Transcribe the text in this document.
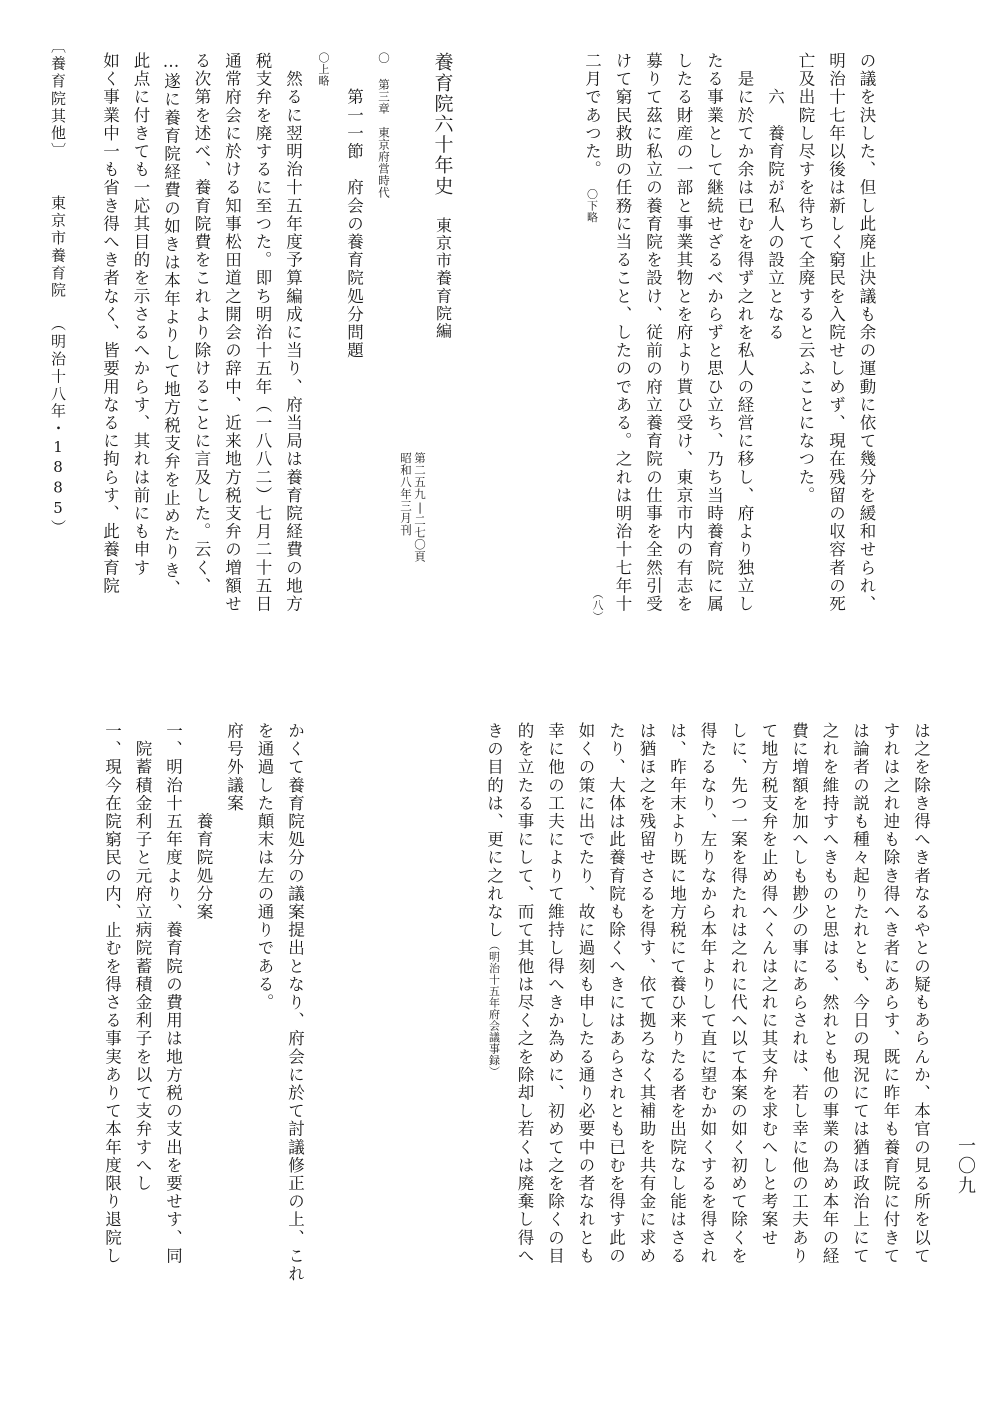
の議を決した、但し此廃止決議も余の運動に依て幾分を緩和せられ、
明治十七年以後は新しく窮民を入院せしめず、現在残留の収容者の死
亡及出院し尽すを待ちて全廃すると云ふことになつた。
　　六　養育院が私人の設立となる
　是に於てか余は已むを得ず之れを私人の経営に移し、府より独立し
たる事業として継続せざるべからずと思ひ立ち、乃ち当時養育院に属
したる財産の一部と事業其物とを府より貰ひ受け、東京市内の有志を
募りて茲に私立の養育院を設け、従前の府立養育院の仕事を全然引受
けて窮民救助の任務に当ること、したのである。之れは明治十七年十
二月であつた。　〇下略
（八）
養育院六十年史　東京市養育院編
第二五九|二七〇頁
昭和八年三月刊
〇 第三章　東京府営時代
　　第一一節　府会の養育院処分問題
〇上略
　然るに翌明治十五年度予算編成に当り、府当局は養育院経費の地方
税支弁を廃するに至つた。即ち明治十五年（一八八二）七月二十五日
通常府会に於ける知事松田道之開会の辞中、近来地方税支弁の増額せ
る次第を述べ、養育院費をこれより除けることに言及した。云く、
…遂に養育院経費の如きは本年よりして地方税支弁を止めたりき、
此点に付きても一応其目的を示さるへからす、其れは前にも申す
如く事業中一も省き得へき者なく、皆要用なるに拘らす、此養育院
は之を除き得へき者なるやとの疑もあらんか、本官の見る所を以て
すれは之れ迚も除き得へき者にあらす、既に昨年も養育院に付きて
は論者の説も種々起りたれとも、今日の現況にては猶ほ政治上にて
之れを維持すへきものと思はる、然れとも他の事業の為め本年の経
費に増額を加へしも尠少の事にあらされは、若し幸に他の工夫あり
て地方税支弁を止め得へくんは之れに其支弁を求むへしと考案せ
しに、先つ一案を得たれは之れに代へ以て本案の如く初めて除くを
得たるなり、左りなから本年よりして直に望むか如くするを得され
は、昨年末より既に地方税にて養ひ来りたる者を出院なし能はさる
は猶ほ之を残留せさるを得す、依て拠ろなく其補助を共有金に求め
たり、大体は此養育院も除くへきにはあらされとも已むを得す此の
如くの策に出でたり、故に過刻も申したる通り必要中の者なれとも
幸に他の工夫によりて維持し得へきか為めに、初めて之を除くの目
的を立たる事にして、而て其他は尽く之を除却し若くは廃棄し得へ
きの目的は、更に之れなし（明治十五年府会議事録）
かくて養育院処分の議案提出となり、府会に於て討議修正の上、これ
を通過した顛末は左の通りである。
府号外議案
　　　　　養育院処分案
一、明治十五年度より、養育院の費用は地方税の支出を要せす、同
　院蓄積金利子と元府立病院蓄積金利子を以て支弁すへし
一、現今在院窮民の内、止むを得さる事実ありて本年度限り退院し
〔養育院其他〕　　東京市養育院　（明治十八年・1885）
一〇九
